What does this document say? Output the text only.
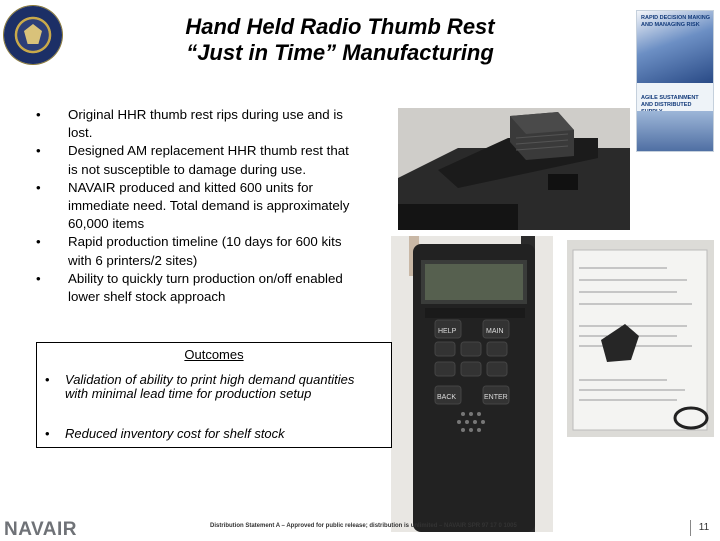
Hand Held Radio Thumb Rest
“Just in Time” Manufacturing
RAPID DECISION MAKING AND MANAGING RISK
AGILE SUSTAINMENT AND DISTRIBUTED
• Original HHR thumb rest rips during use and is lost.
• Designed AM replacement HHR thumb rest that is not susceptible to damage during use.
• NAVAIR produced and kitted 600 units for immediate need. Total demand is approximately 60,000 items
• Rapid production timeline (10 days for 600 kits with 6 printers/2 sites)
• Ability to quickly turn production on/off enabled lower shelf stock approach
HELP	MAIN
BACK	ENTER
Outcomes
•	Validation of ability to print high demand quantities with minimal lead time for production setup
•	Reduced inventory cost for shelf stock
NAVAIR	Distribution Statement A – Approved for public release; distribution is unlimited – NAVAIR SPR 97 17 0 1005	11
